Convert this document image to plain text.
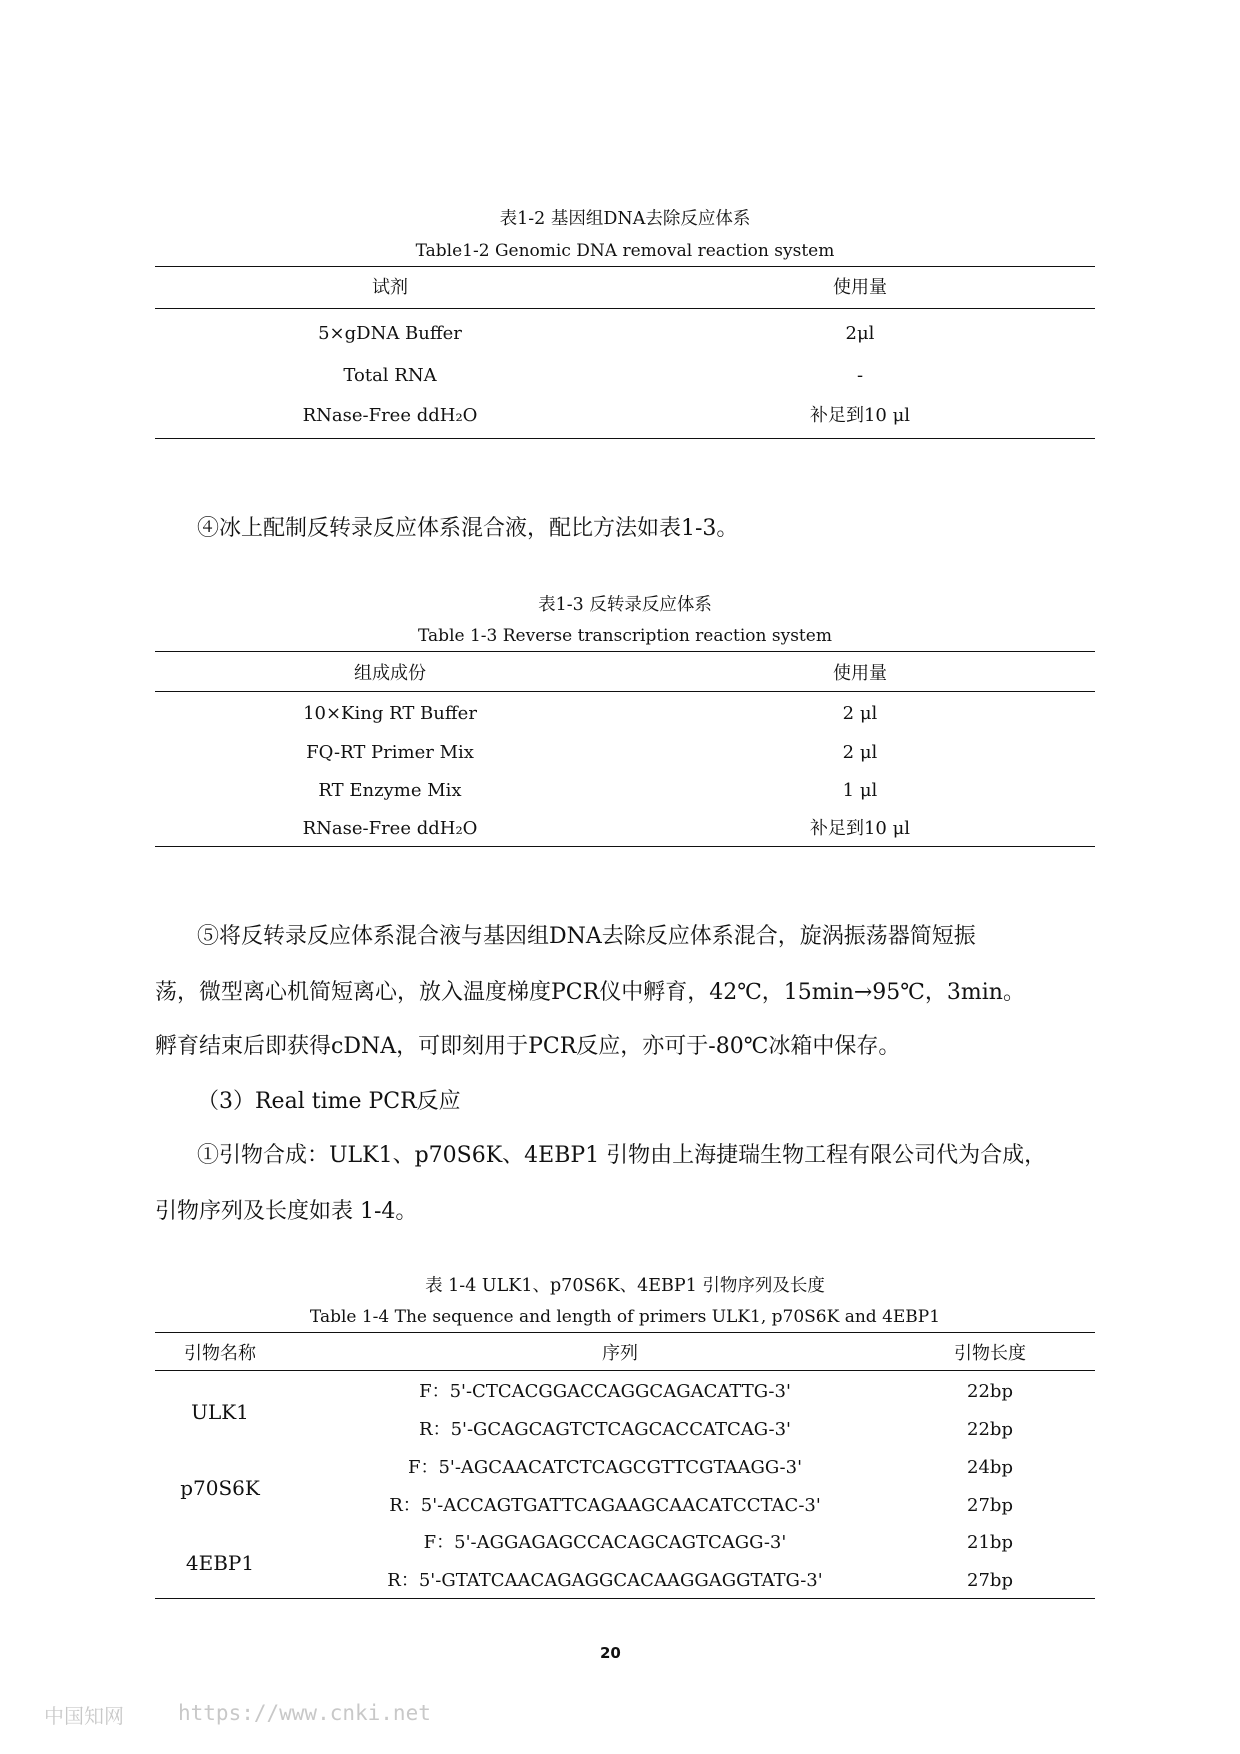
表1-2 基因组DNA去除反应体系
Table1-2 Genomic DNA removal reaction system
试剂	使用量
5×gDNA Buffer	2μl
Total RNA	-
RNase-Free ddH₂O	补足到10 μl
④冰上配制反转录反应体系混合液，配比方法如表1-3。
表1-3 反转录反应体系
Table 1-3 Reverse transcription reaction system
组成成份	使用量
10×King RT Buffer	2 μl
FQ-RT Primer Mix	2 μl
RT Enzyme Mix	1 μl
RNase-Free ddH₂O	补足到10 μl
⑤将反转录反应体系混合液与基因组DNA去除反应体系混合，旋涡振荡器简短振
荡，微型离心机简短离心，放入温度梯度PCR仪中孵育，42℃，15min→95℃，3min。
孵育结束后即获得cDNA，可即刻用于PCR反应，亦可于-80℃冰箱中保存。
（3）Real time PCR反应
①引物合成：ULK1、p70S6K、4EBP1 引物由上海捷瑞生物工程有限公司代为合成，
引物序列及长度如表 1-4。
表 1-4 ULK1、p70S6K、4EBP1 引物序列及长度
Table 1-4 The sequence and length of primers ULK1, p70S6K and 4EBP1
引物名称	序列	引物长度
ULK1
F：5'-CTCACGGACCAGGCAGACATTG-3'	22bp
R：5'-GCAGCAGTCTCAGCACCATCAG-3'	22bp
p70S6K
F：5'-AGCAACATCTCAGCGTTCGTAAGG-3'	24bp
R：5'-ACCAGTGATTCAGAAGCAACATCCTAC-3'	27bp
4EBP1
F：5'-AGGAGAGCCACAGCAGTCAGG-3'	21bp
R：5'-GTATCAACAGAGGCACAAGGAGGTATG-3'	27bp
20
中国知网	https://www.cnki.net
